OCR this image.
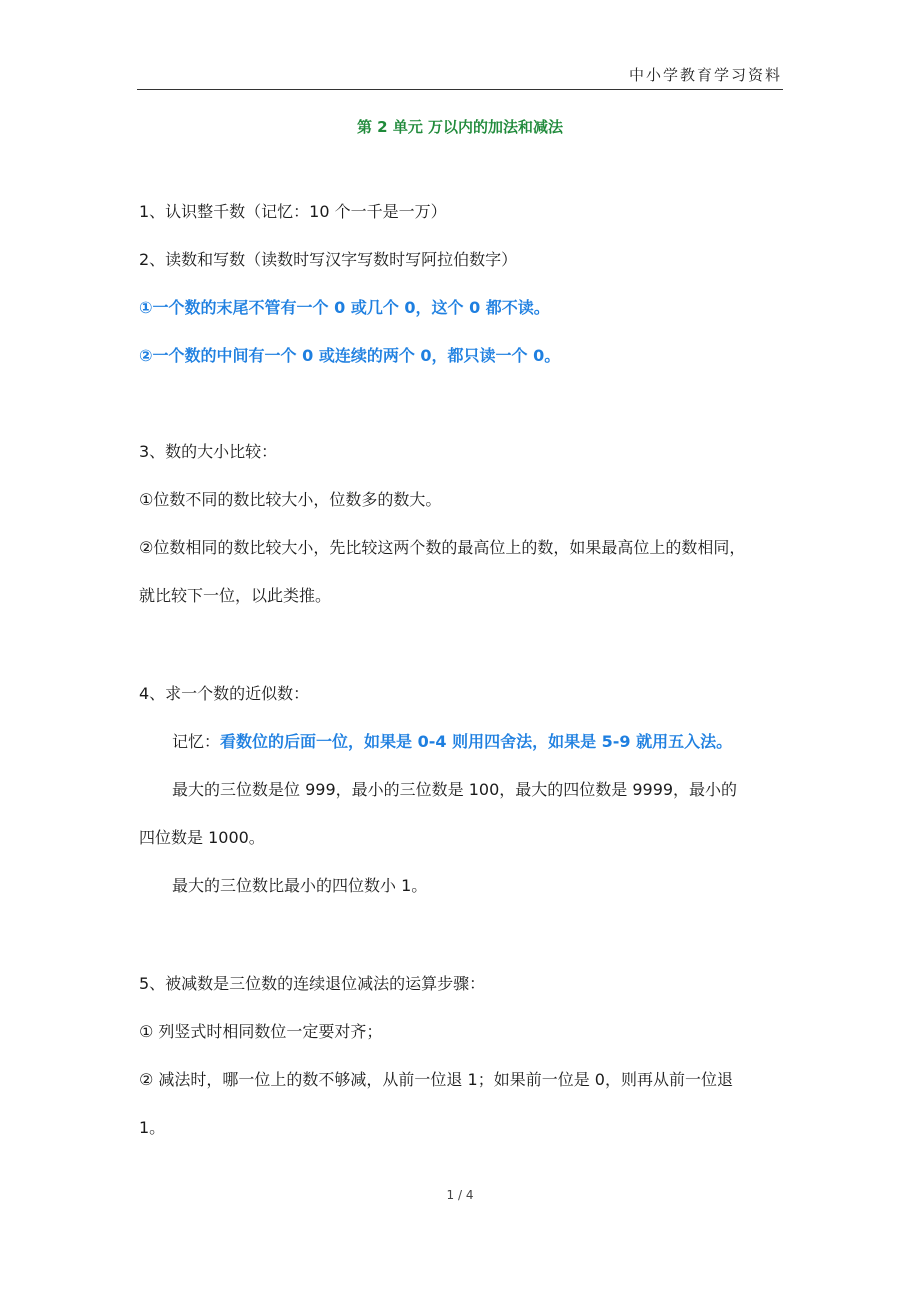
中小学教育学习资料
第 2 单元 万以内的加法和减法
1、认识整千数（记忆：10 个一千是一万）
2、读数和写数（读数时写汉字写数时写阿拉伯数字）
①一个数的末尾不管有一个 0 或几个 0，这个 0 都不读。
②一个数的中间有一个 0 或连续的两个 0，都只读一个 0。
3、数的大小比较：
①位数不同的数比较大小，位数多的数大。
②位数相同的数比较大小，先比较这两个数的最高位上的数，如果最高位上的数相同，
就比较下一位，以此类推。
4、求一个数的近似数：
记忆：看数位的后面一位，如果是 0-4 则用四舍法，如果是 5-9 就用五入法。
最大的三位数是位 999，最小的三位数是 100，最大的四位数是 9999，最小的
四位数是 1000。
最大的三位数比最小的四位数小 1。
5、被减数是三位数的连续退位减法的运算步骤：
① 列竖式时相同数位一定要对齐；
② 减法时，哪一位上的数不够减，从前一位退 1；如果前一位是 0，则再从前一位退
1。
1 / 4
